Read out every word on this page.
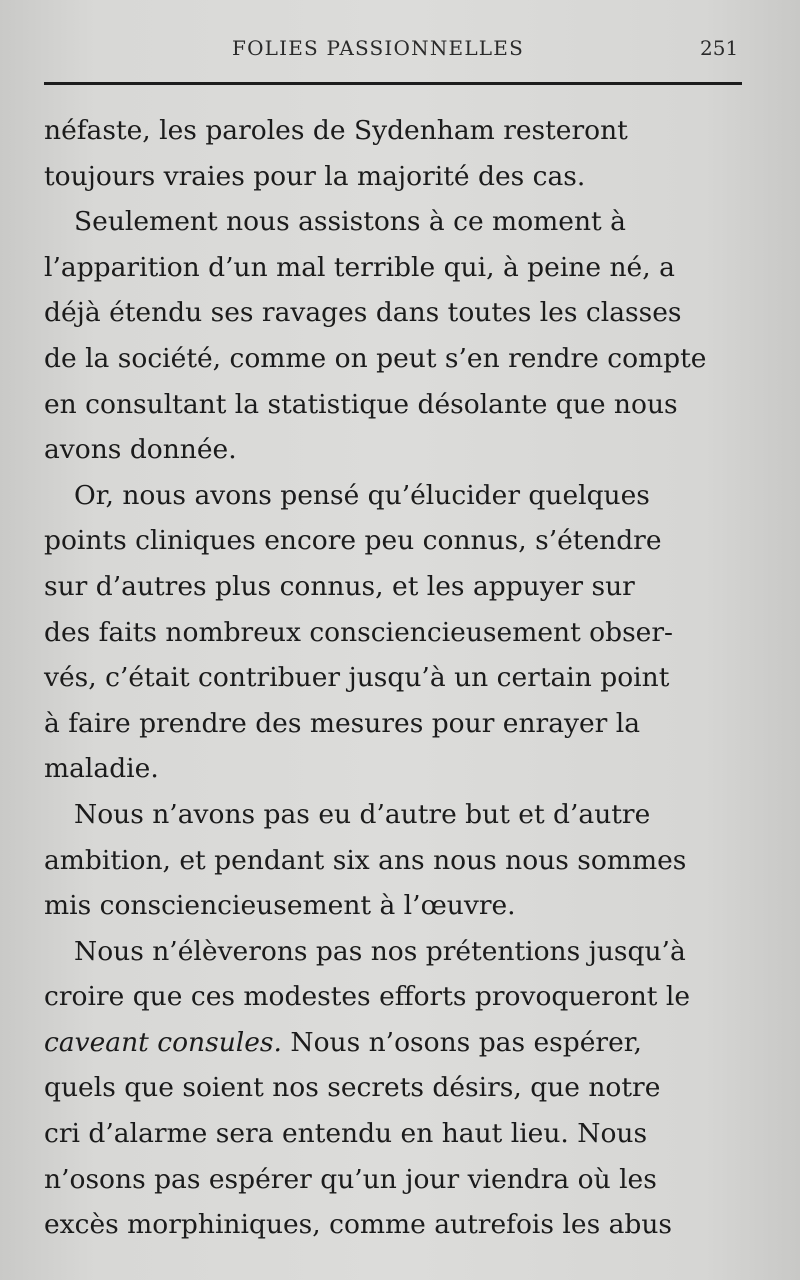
FOLIES PASSIONNELLES	251
néfaste, les paroles de Sydenham resteront
toujours vraies pour la majorité des cas.
Seulement nous assistons à ce moment à
l’apparition d’un mal terrible qui, à peine né, a
déjà étendu ses ravages dans toutes les classes
de la société, comme on peut s’en rendre compte
en consultant la statistique désolante que nous
avons donnée.
Or, nous avons pensé qu’élucider quelques
points cliniques encore peu connus, s’étendre
sur d’autres plus connus, et les appuyer sur
des faits nombreux consciencieusement obser-
vés, c’était contribuer jusqu’à un certain point
à faire prendre des mesures pour enrayer la
maladie.
Nous n’avons pas eu d’autre but et d’autre
ambition, et pendant six ans nous nous sommes
mis consciencieusement à l’œuvre.
Nous n’élèverons pas nos prétentions jusqu’à
croire que ces modestes efforts provoqueront le
caveant consules. Nous n’osons pas espérer,
quels que soient nos secrets désirs, que notre
cri d’alarme sera entendu en haut lieu. Nous
n’osons pas espérer qu’un jour viendra où les
excès morphiniques, comme autrefois les abus
